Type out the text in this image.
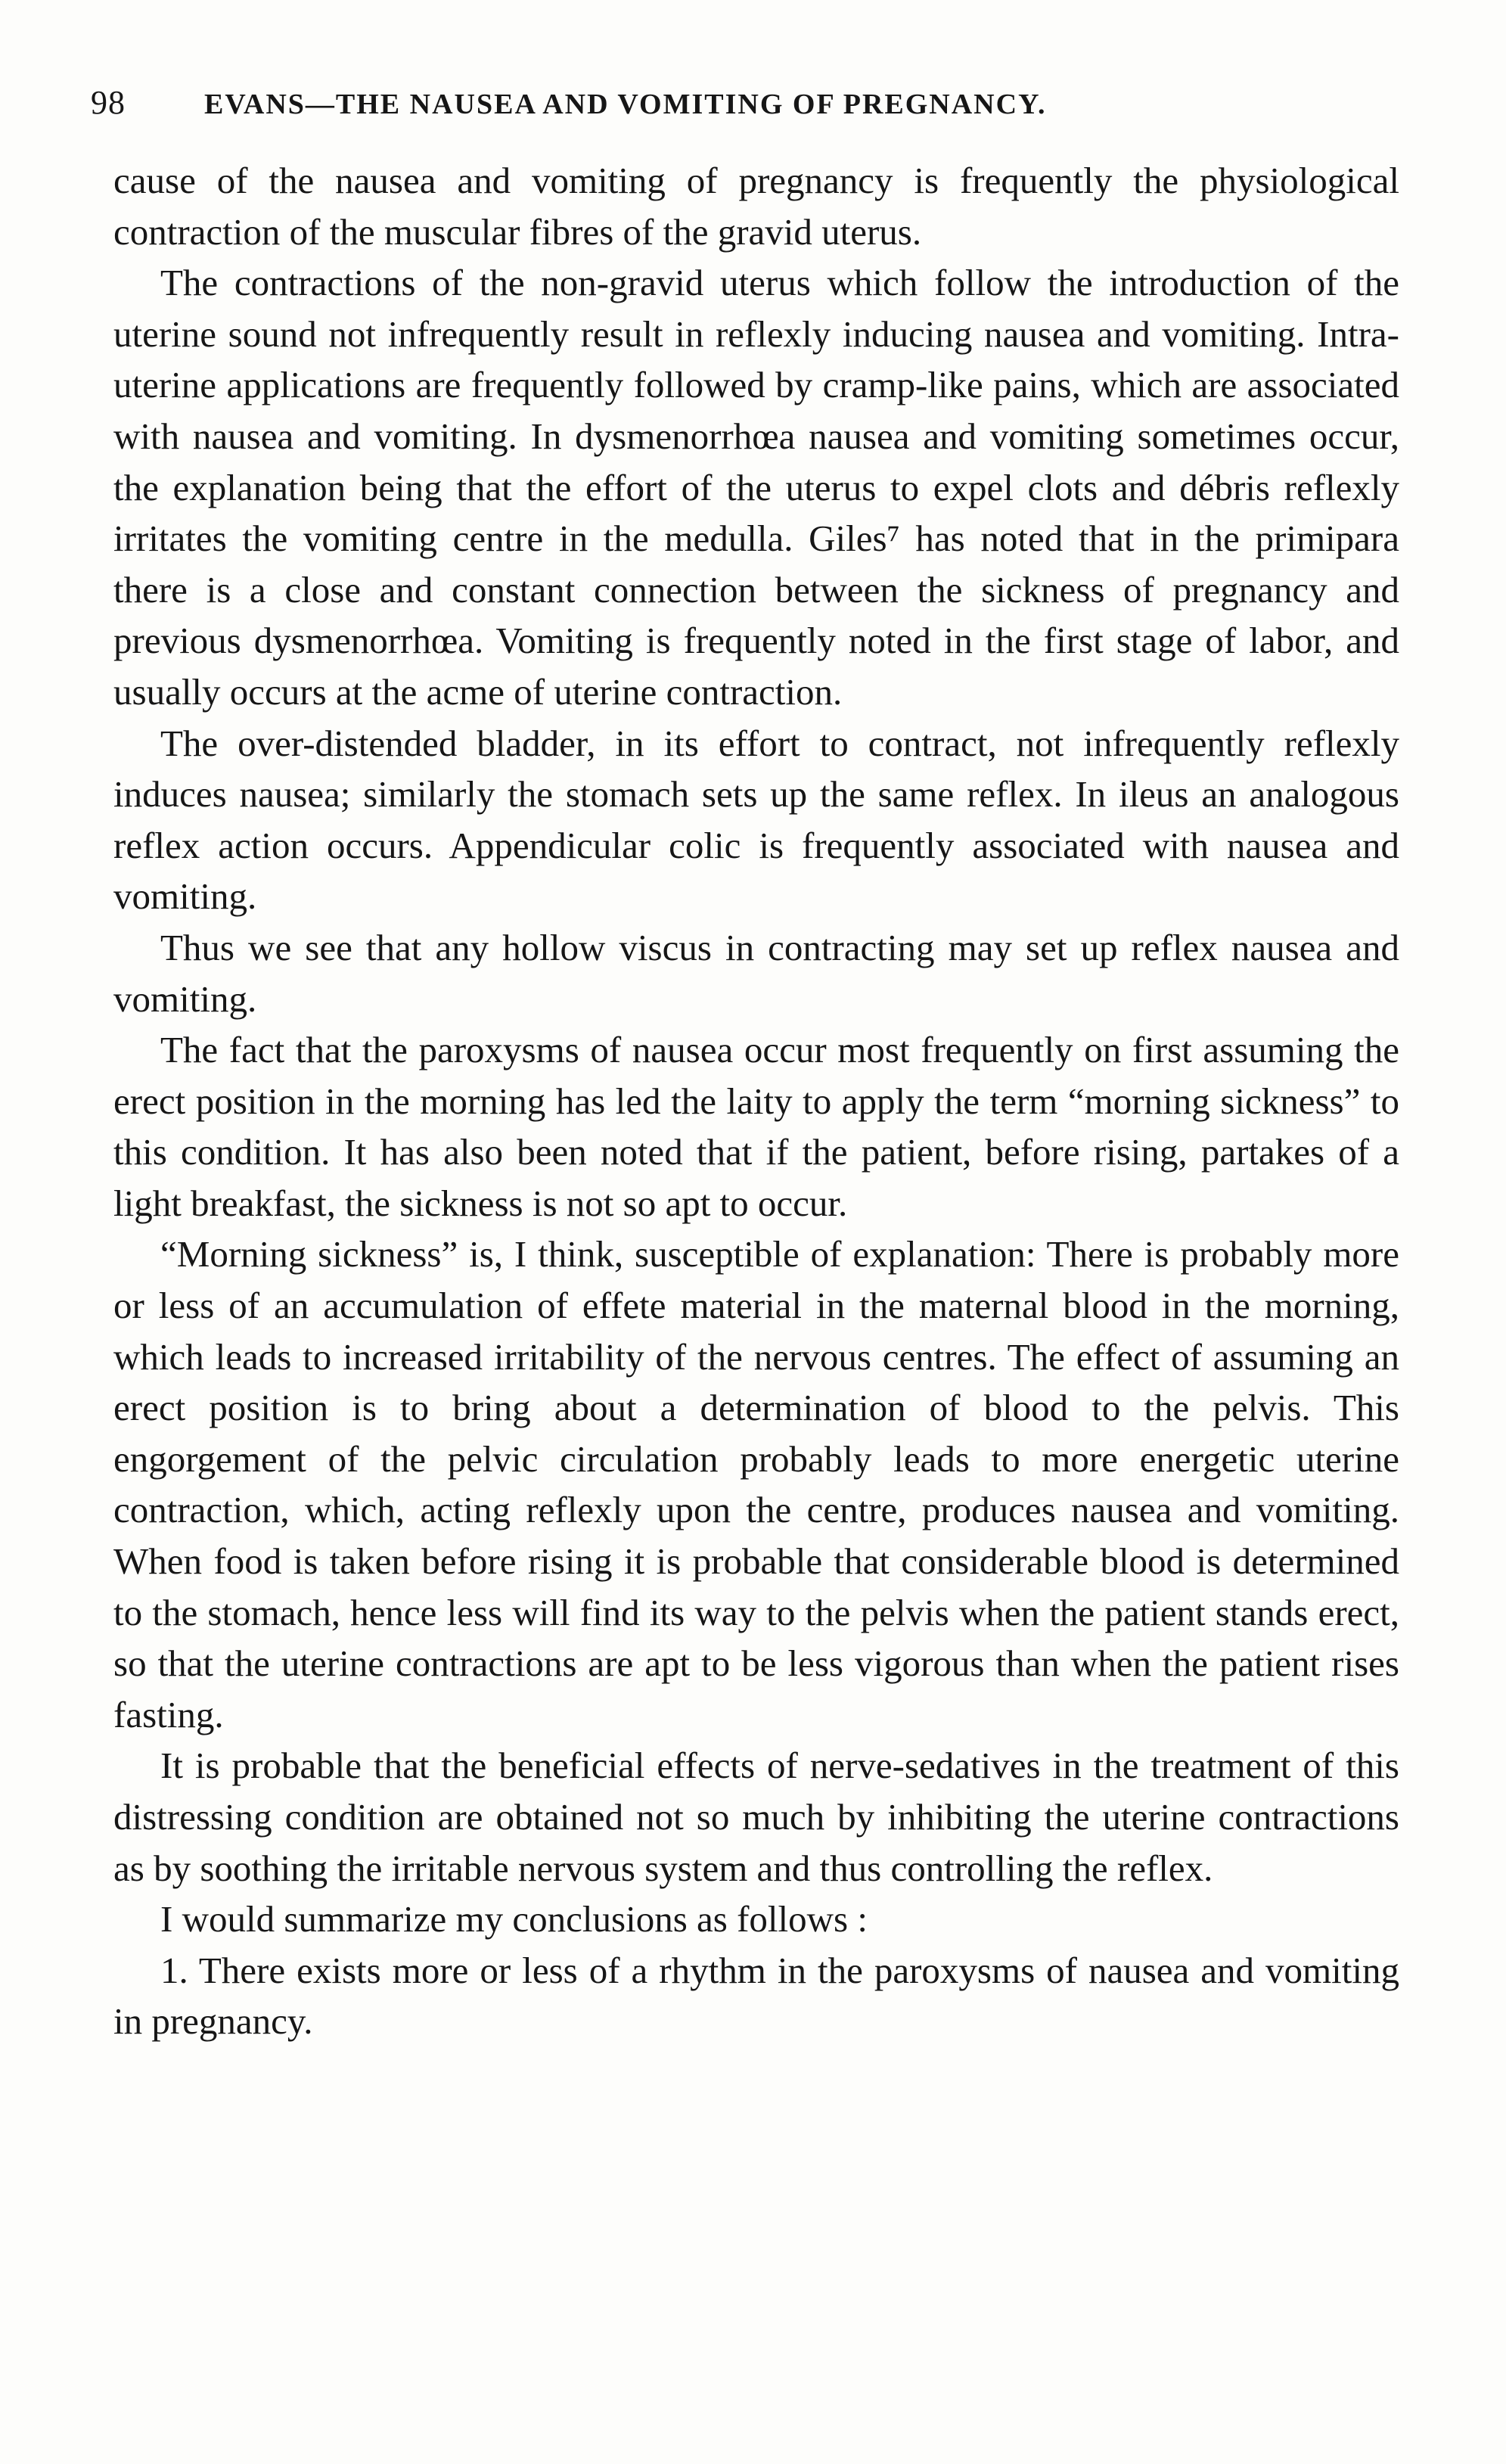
98	EVANS—THE NAUSEA AND VOMITING OF PREGNANCY.

cause of the nausea and vomiting of pregnancy is frequently the physiological contraction of the muscular fibres of the gravid uterus.

The contractions of the non-gravid uterus which follow the introduction of the uterine sound not infrequently result in reflexly inducing nausea and vomiting. Intra-uterine applications are frequently followed by cramp-like pains, which are associated with nausea and vomiting. In dysmenorrhœa nausea and vomiting sometimes occur, the explanation being that the effort of the uterus to expel clots and débris reflexly irritates the vomiting centre in the medulla. Giles⁷ has noted that in the primipara there is a close and constant connection between the sickness of pregnancy and previous dysmenorrhœa. Vomiting is frequently noted in the first stage of labor, and usually occurs at the acme of uterine contraction.

The over-distended bladder, in its effort to contract, not infrequently reflexly induces nausea; similarly the stomach sets up the same reflex. In ileus an analogous reflex action occurs. Appendicular colic is frequently associated with nausea and vomiting.

Thus we see that any hollow viscus in contracting may set up reflex nausea and vomiting.

The fact that the paroxysms of nausea occur most frequently on first assuming the erect position in the morning has led the laity to apply the term “morning sickness” to this condition. It has also been noted that if the patient, before rising, partakes of a light breakfast, the sickness is not so apt to occur.

“Morning sickness” is, I think, susceptible of explanation: There is probably more or less of an accumulation of effete material in the maternal blood in the morning, which leads to increased irritability of the nervous centres. The effect of assuming an erect position is to bring about a determination of blood to the pelvis. This engorgement of the pelvic circulation probably leads to more energetic uterine contraction, which, acting reflexly upon the centre, produces nausea and vomiting. When food is taken before rising it is probable that considerable blood is determined to the stomach, hence less will find its way to the pelvis when the patient stands erect, so that the uterine contractions are apt to be less vigorous than when the patient rises fasting.

It is probable that the beneficial effects of nerve-sedatives in the treatment of this distressing condition are obtained not so much by inhibiting the uterine contractions as by soothing the irritable nervous system and thus controlling the reflex.

I would summarize my conclusions as follows :

1. There exists more or less of a rhythm in the paroxysms of nausea and vomiting in pregnancy.
